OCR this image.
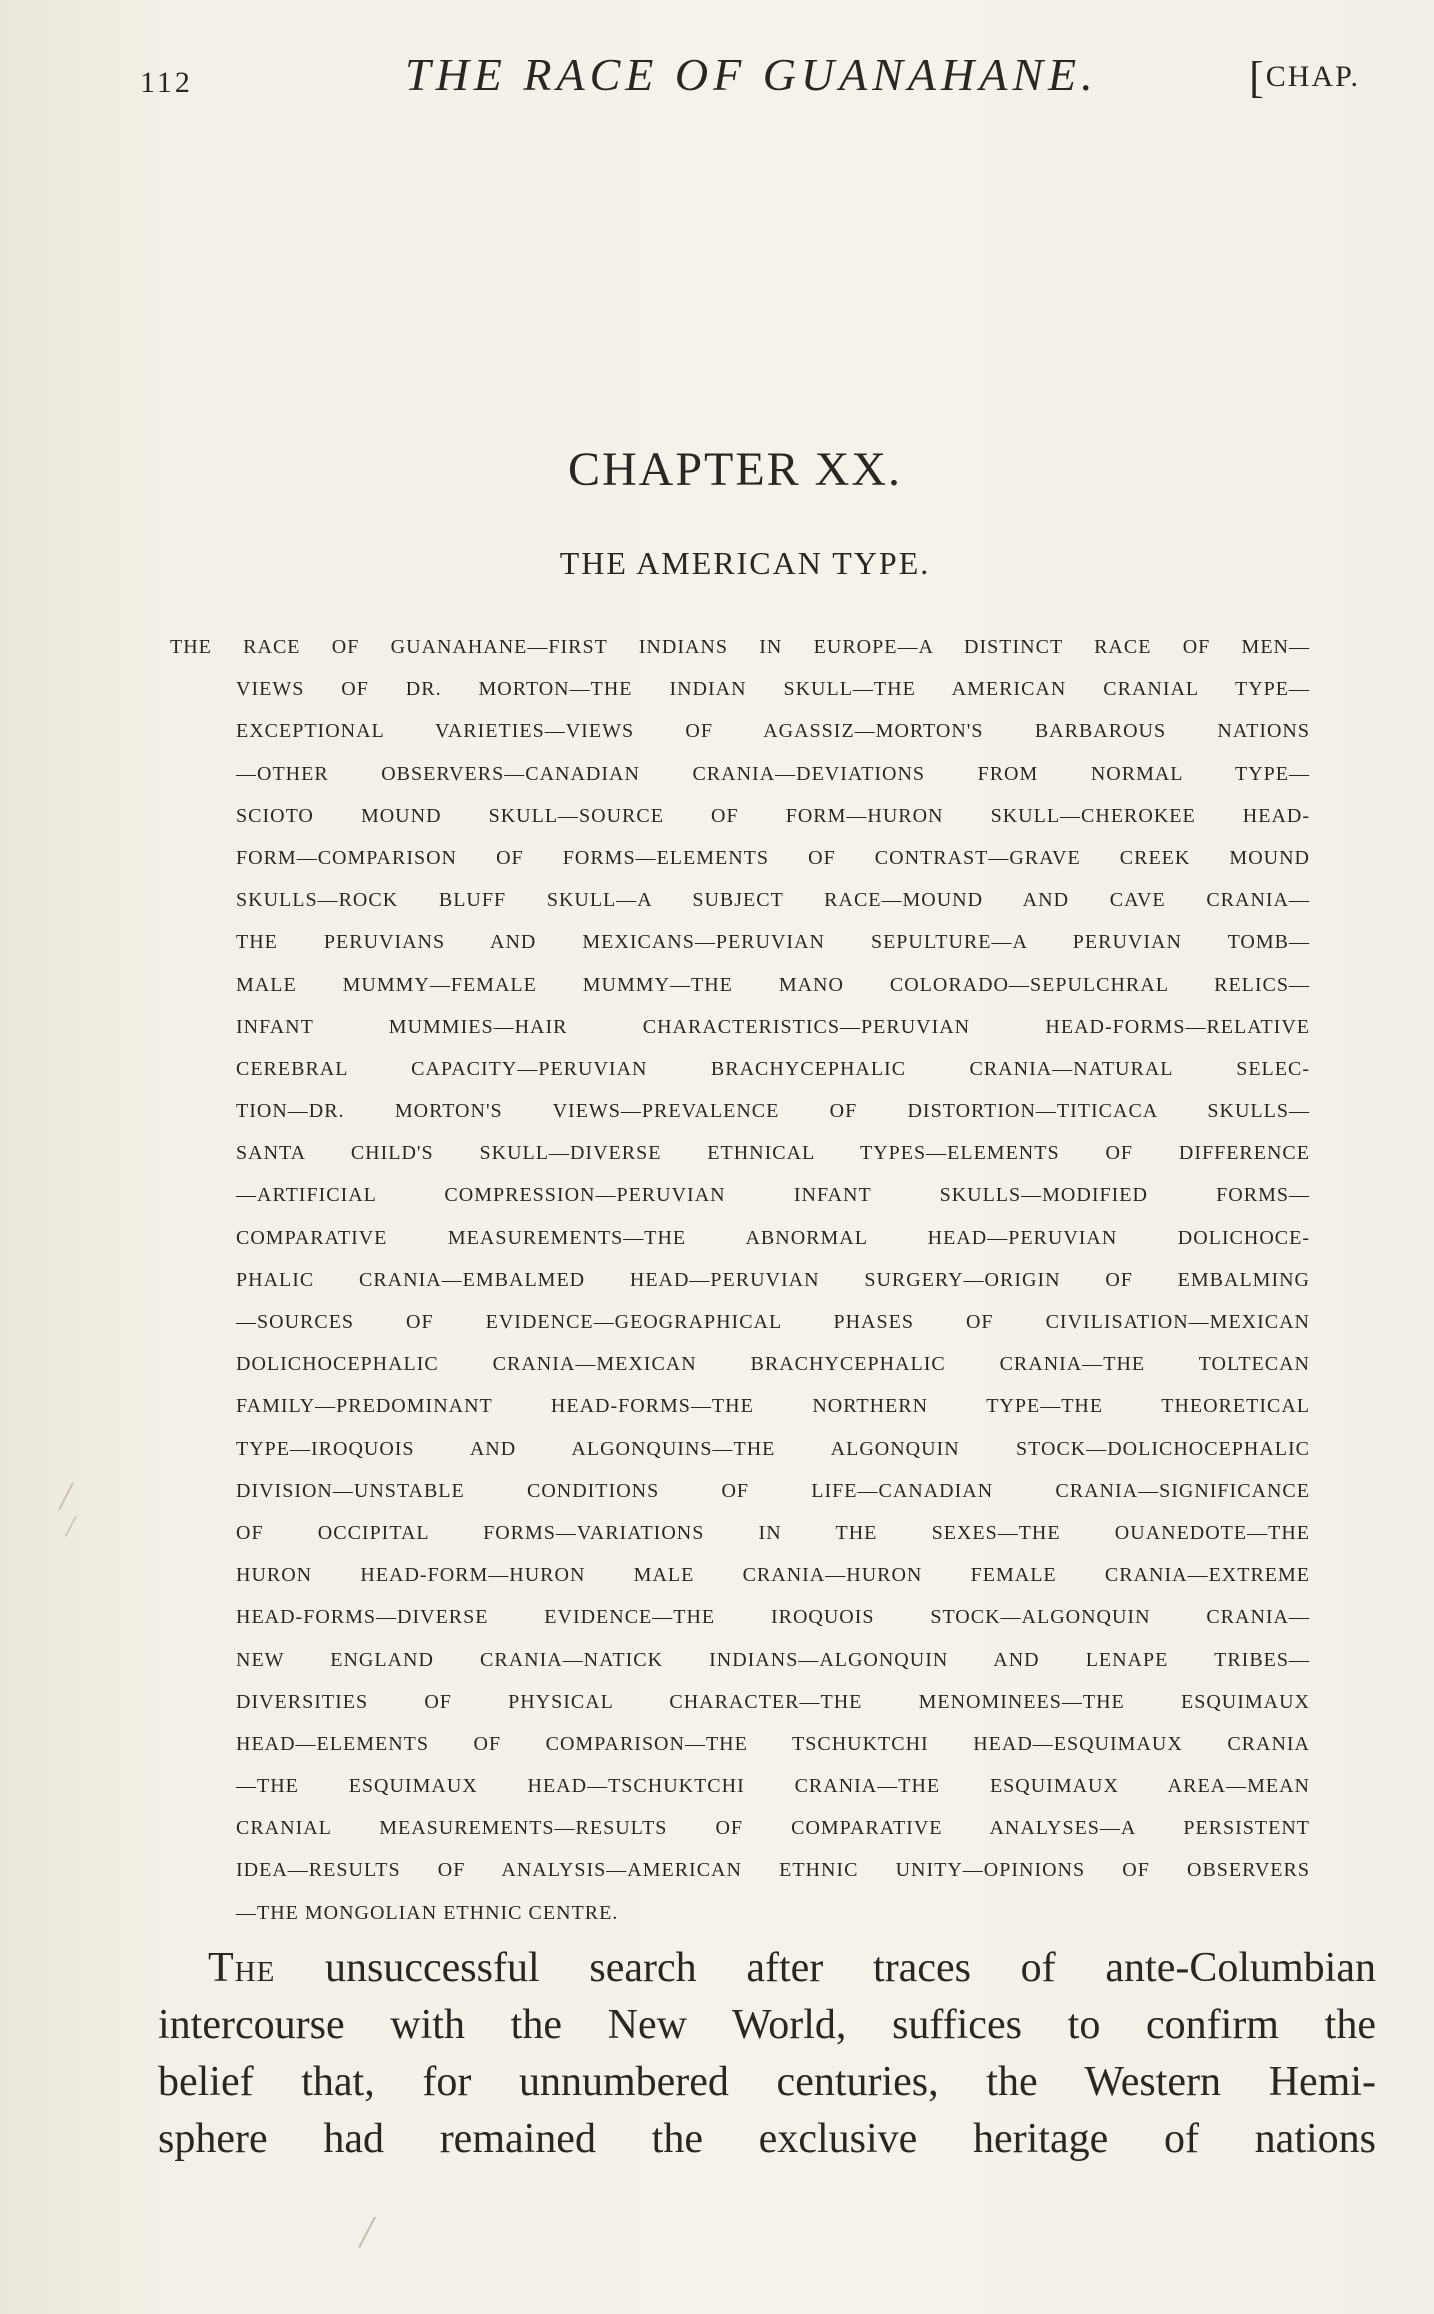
112	THE RACE OF GUANAHANE.	[CHAP.
CHAPTER XX.
THE AMERICAN TYPE.
THE RACE OF GUANAHANE—FIRST INDIANS IN EUROPE—A DISTINCT RACE OF MEN—
VIEWS OF DR. MORTON—THE INDIAN SKULL—THE AMERICAN CRANIAL TYPE—
EXCEPTIONAL VARIETIES—VIEWS OF AGASSIZ—MORTON'S BARBAROUS NATIONS
—OTHER OBSERVERS—CANADIAN CRANIA—DEVIATIONS FROM NORMAL TYPE—
SCIOTO MOUND SKULL—SOURCE OF FORM—HURON SKULL—CHEROKEE HEAD-
FORM—COMPARISON OF FORMS—ELEMENTS OF CONTRAST—GRAVE CREEK MOUND
SKULLS—ROCK BLUFF SKULL—A SUBJECT RACE—MOUND AND CAVE CRANIA—
THE PERUVIANS AND MEXICANS—PERUVIAN SEPULTURE—A PERUVIAN TOMB—
MALE MUMMY—FEMALE MUMMY—THE MANO COLORADO—SEPULCHRAL RELICS—
INFANT MUMMIES—HAIR CHARACTERISTICS—PERUVIAN HEAD-FORMS—RELATIVE
CEREBRAL CAPACITY—PERUVIAN BRACHYCEPHALIC CRANIA—NATURAL SELEC-
TION—DR. MORTON'S VIEWS—PREVALENCE OF DISTORTION—TITICACA SKULLS—
SANTA CHILD'S SKULL—DIVERSE ETHNICAL TYPES—ELEMENTS OF DIFFERENCE
—ARTIFICIAL COMPRESSION—PERUVIAN INFANT SKULLS—MODIFIED FORMS—
COMPARATIVE MEASUREMENTS—THE ABNORMAL HEAD—PERUVIAN DOLICHOCE-
PHALIC CRANIA—EMBALMED HEAD—PERUVIAN SURGERY—ORIGIN OF EMBALMING
—SOURCES OF EVIDENCE—GEOGRAPHICAL PHASES OF CIVILISATION—MEXICAN
DOLICHOCEPHALIC CRANIA—MEXICAN BRACHYCEPHALIC CRANIA—THE TOLTECAN
FAMILY—PREDOMINANT HEAD-FORMS—THE NORTHERN TYPE—THE THEORETICAL
TYPE—IROQUOIS AND ALGONQUINS—THE ALGONQUIN STOCK—DOLICHOCEPHALIC
DIVISION—UNSTABLE CONDITIONS OF LIFE—CANADIAN CRANIA—SIGNIFICANCE
OF OCCIPITAL FORMS—VARIATIONS IN THE SEXES—THE OUANEDOTE—THE
HURON HEAD-FORM—HURON MALE CRANIA—HURON FEMALE CRANIA—EXTREME
HEAD-FORMS—DIVERSE EVIDENCE—THE IROQUOIS STOCK—ALGONQUIN CRANIA—
NEW ENGLAND CRANIA—NATICK INDIANS—ALGONQUIN AND LENAPE TRIBES—
DIVERSITIES OF PHYSICAL CHARACTER—THE MENOMINEES—THE ESQUIMAUX
HEAD—ELEMENTS OF COMPARISON—THE TSCHUKTCHI HEAD—ESQUIMAUX CRANIA
—THE ESQUIMAUX HEAD—TSCHUKTCHI CRANIA—THE ESQUIMAUX AREA—MEAN
CRANIAL MEASUREMENTS—RESULTS OF COMPARATIVE ANALYSES—A PERSISTENT
IDEA—RESULTS OF ANALYSIS—AMERICAN ETHNIC UNITY—OPINIONS OF OBSERVERS
—THE MONGOLIAN ETHNIC CENTRE.
The unsuccessful search after traces of ante-Columbian
intercourse with the New World, suffices to confirm the
belief that, for unnumbered centuries, the Western Hemi-
sphere had remained the exclusive heritage of nations
/
/
/
